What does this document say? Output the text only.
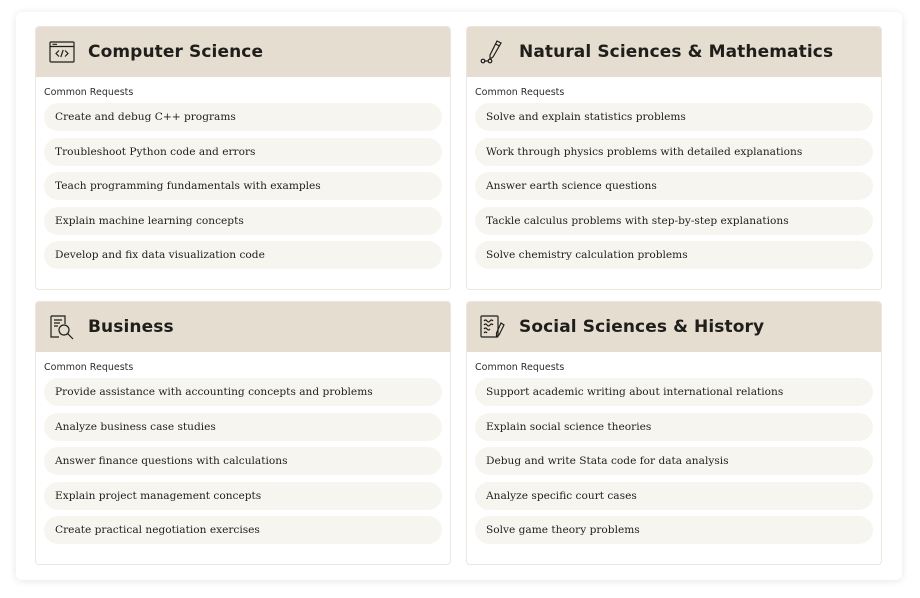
Computer Science
Common Requests
Create and debug C++ programs
Troubleshoot Python code and errors
Teach programming fundamentals with examples
Explain machine learning concepts
Develop and fix data visualization code
Natural Sciences & Mathematics
Common Requests
Solve and explain statistics problems
Work through physics problems with detailed explanations
Answer earth science questions
Tackle calculus problems with step-by-step explanations
Solve chemistry calculation problems
Business
Common Requests
Provide assistance with accounting concepts and problems
Analyze business case studies
Answer finance questions with calculations
Explain project management concepts
Create practical negotiation exercises
Social Sciences & History
Common Requests
Support academic writing about international relations
Explain social science theories
Debug and write Stata code for data analysis
Analyze specific court cases
Solve game theory problems
